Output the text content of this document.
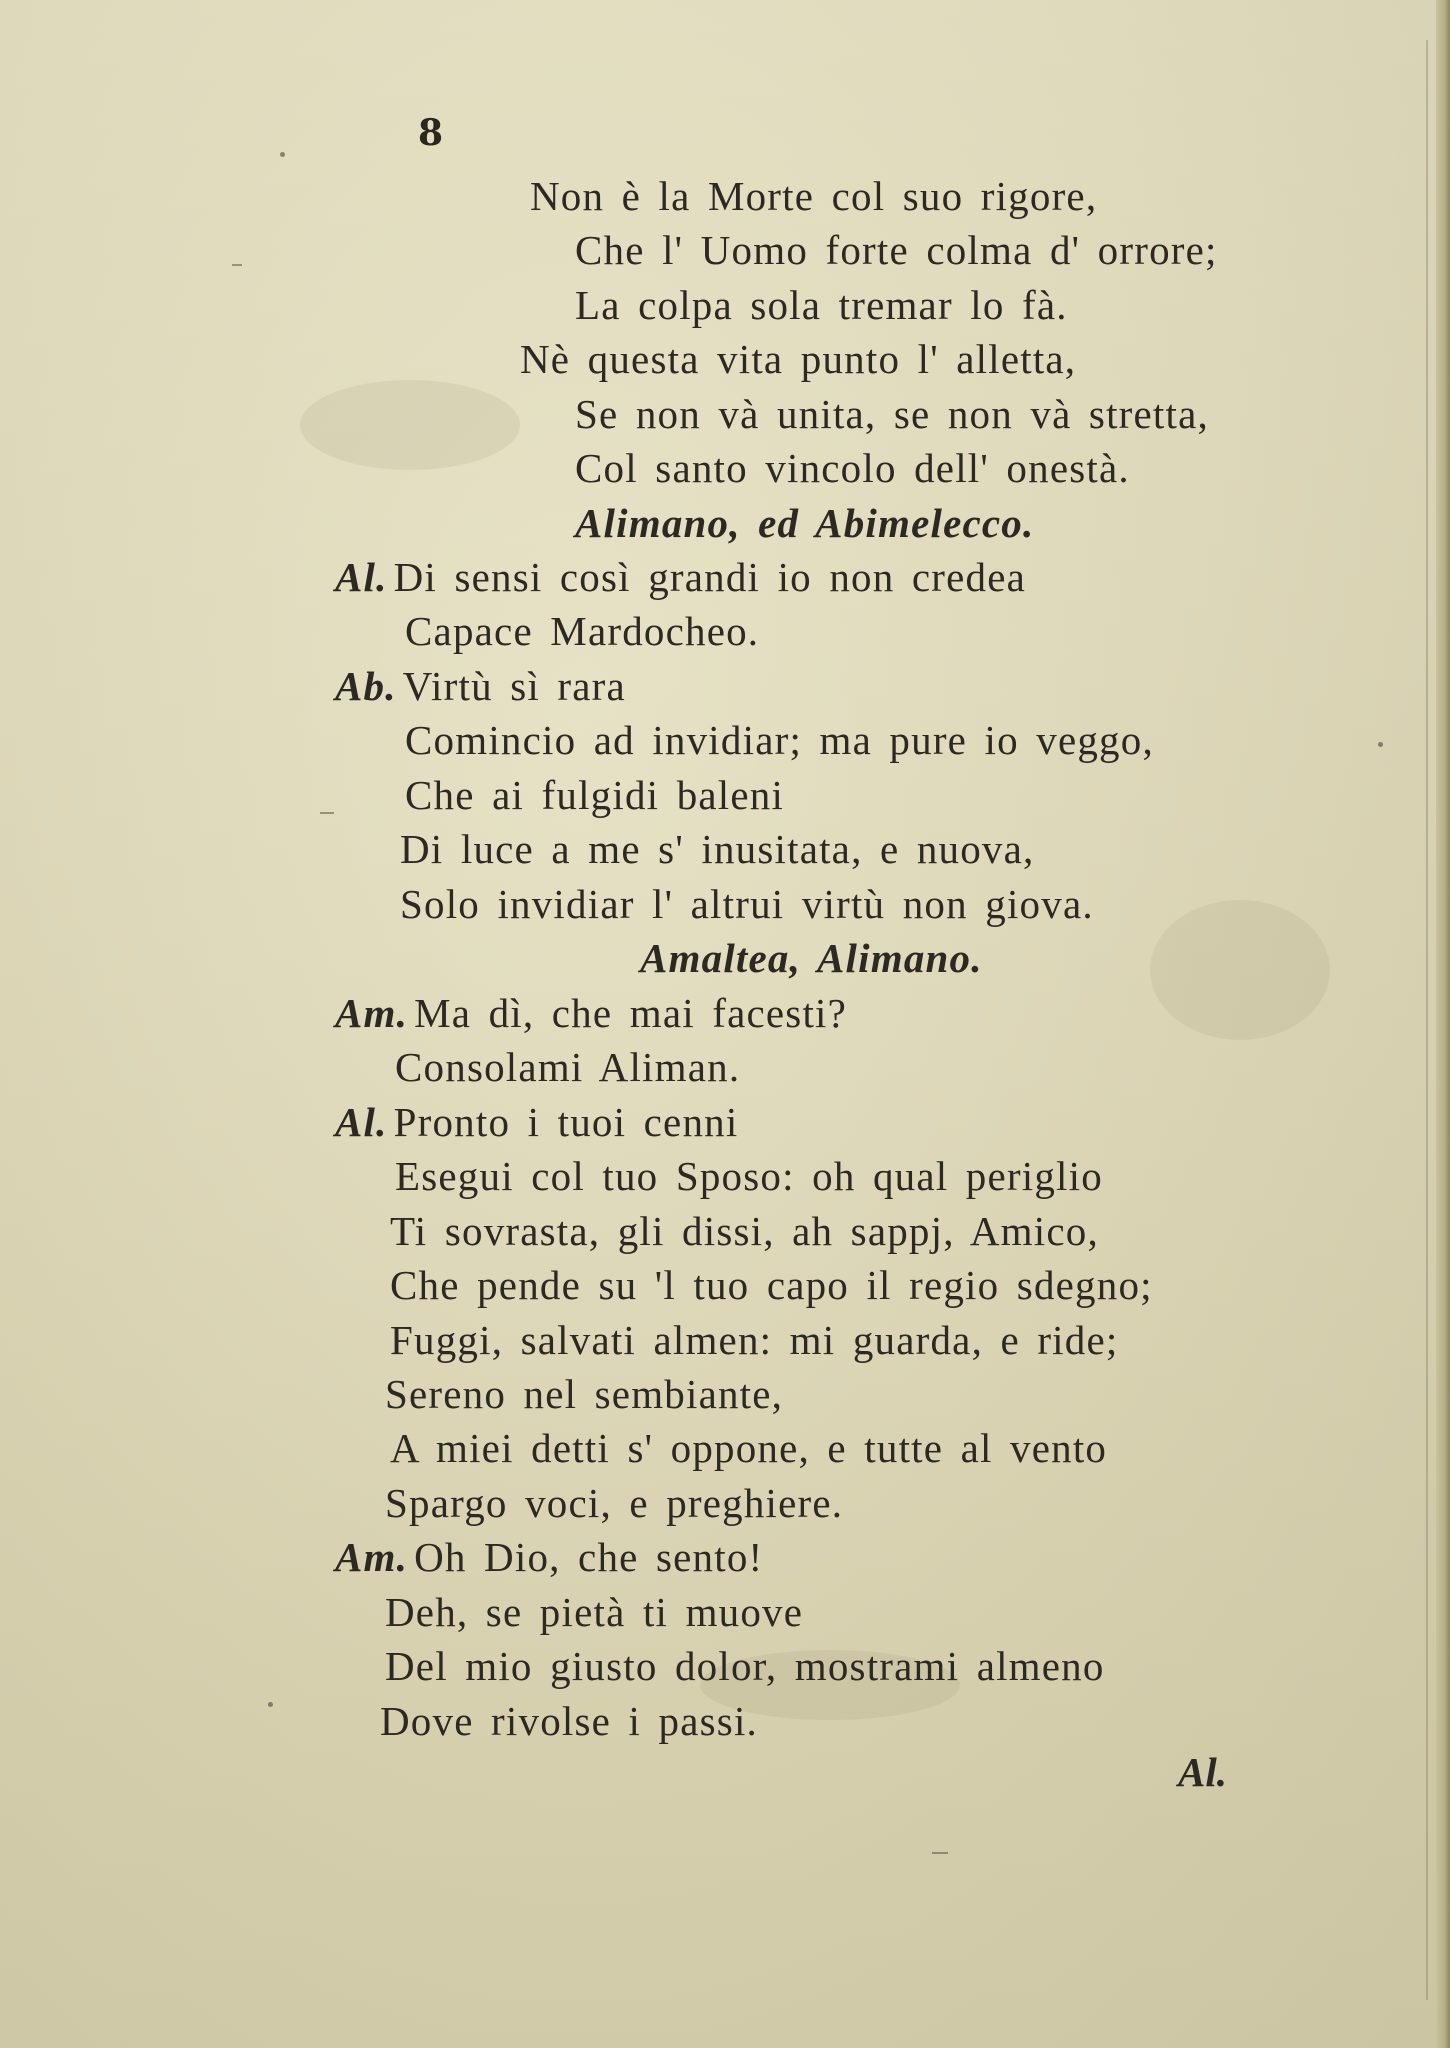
8
Non è la Morte col suo rigore,
Che l' Uomo forte colma d' orrore;
La colpa sola tremar lo fà.
Nè questa vita punto l' alletta,
Se non và unita, se non và stretta,
Col santo vincolo dell' onestà.
Alimano, ed Abimelecco.
Al. Di sensi così grandi io non credea
Capace Mardocheo.
Ab. Virtù sì rara
Comincio ad invidiar; ma pure io veggo,
Che ai fulgidi baleni
Di luce a me s' inusitata, e nuova,
Solo invidiar l' altrui virtù non giova.
Amaltea, Alimano.
Am. Ma dì, che mai facesti?
Consolami Aliman.
Al. Pronto i tuoi cenni
Esegui col tuo Sposo: oh qual periglio
Ti sovrasta, gli dissi, ah sappj, Amico,
Che pende su 'l tuo capo il regio sdegno;
Fuggi, salvati almen: mi guarda, e ride;
Sereno nel sembiante,
A miei detti s' oppone, e tutte al vento
Spargo voci, e preghiere.
Am. Oh Dio, che sento!
Deh, se pietà ti muove
Del mio giusto dolor, mostrami almeno
Dove rivolse i passi.
Al.
